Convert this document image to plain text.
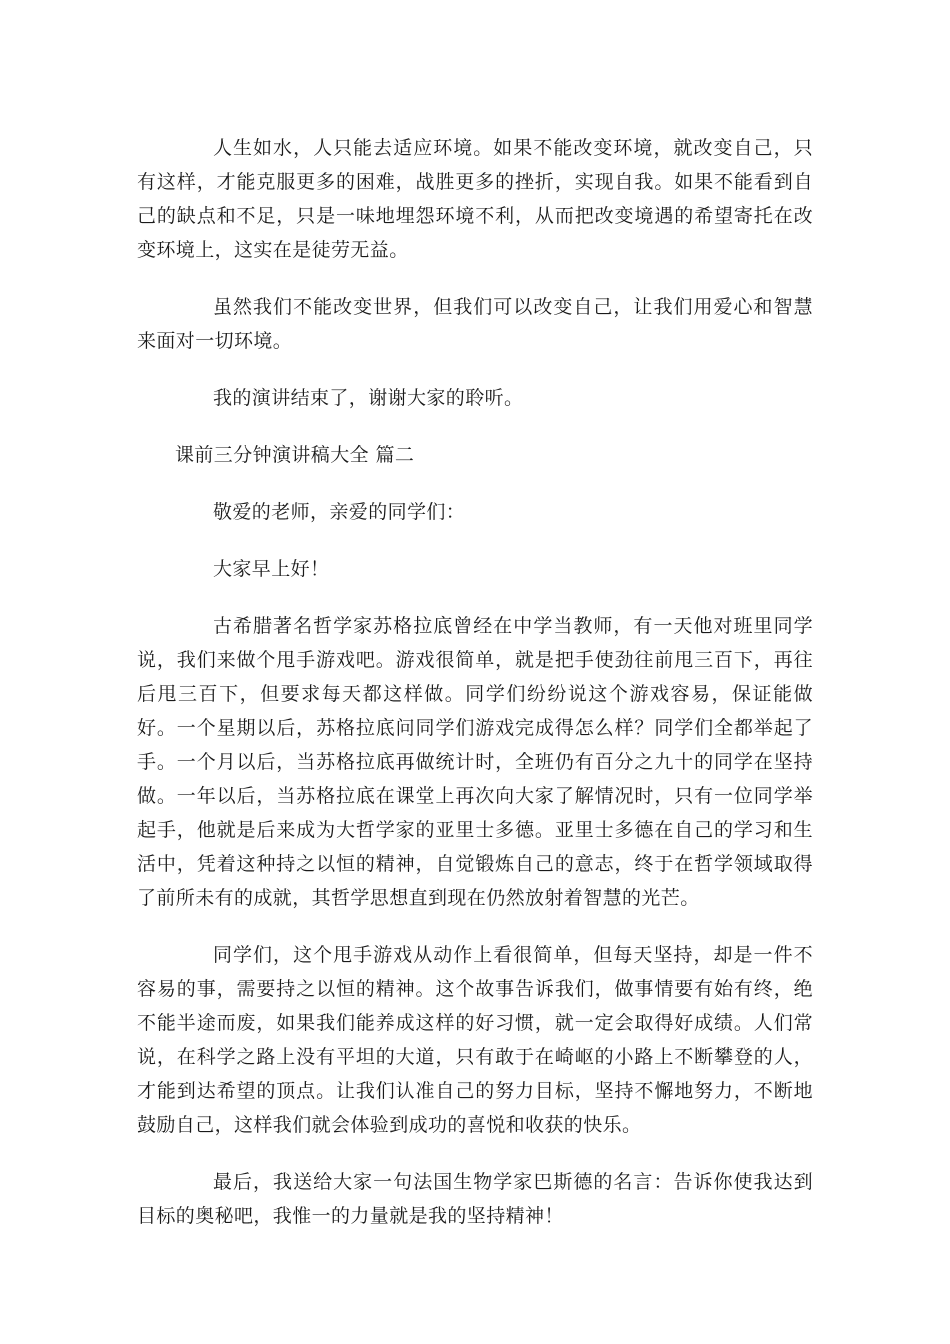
人生如水，人只能去适应环境。如果不能改变环境，就改变自己，只有这样，才能克服更多的困难，战胜更多的挫折，实现自我。如果不能看到自己的缺点和不足，只是一味地埋怨环境不利，从而把改变境遇的希望寄托在改变环境上，这实在是徒劳无益。

虽然我们不能改变世界，但我们可以改变自己，让我们用爱心和智慧来面对一切环境。

我的演讲结束了，谢谢大家的聆听。

课前三分钟演讲稿大全 篇二

敬爱的老师，亲爱的同学们：

大家早上好！

古希腊著名哲学家苏格拉底曾经在中学当教师，有一天他对班里同学说，我们来做个甩手游戏吧。游戏很简单，就是把手使劲往前甩三百下，再往后甩三百下，但要求每天都这样做。同学们纷纷说这个游戏容易，保证能做好。一个星期以后，苏格拉底问同学们游戏完成得怎么样？同学们全都举起了手。一个月以后，当苏格拉底再做统计时，全班仍有百分之九十的同学在坚持做。一年以后，当苏格拉底在课堂上再次向大家了解情况时，只有一位同学举起手，他就是后来成为大哲学家的亚里士多德。亚里士多德在自己的学习和生活中，凭着这种持之以恒的精神，自觉锻炼自己的意志，终于在哲学领域取得了前所未有的成就，其哲学思想直到现在仍然放射着智慧的光芒。

同学们，这个甩手游戏从动作上看很简单，但每天坚持，却是一件不容易的事，需要持之以恒的精神。这个故事告诉我们，做事情要有始有终，绝不能半途而废，如果我们能养成这样的好习惯，就一定会取得好成绩。人们常说，在科学之路上没有平坦的大道，只有敢于在崎岖的小路上不断攀登的人，才能到达希望的顶点。让我们认准自己的努力目标，坚持不懈地努力，不断地鼓励自己，这样我们就会体验到成功的喜悦和收获的快乐。

最后，我送给大家一句法国生物学家巴斯德的名言：告诉你使我达到目标的奥秘吧，我惟一的力量就是我的坚持精神！
